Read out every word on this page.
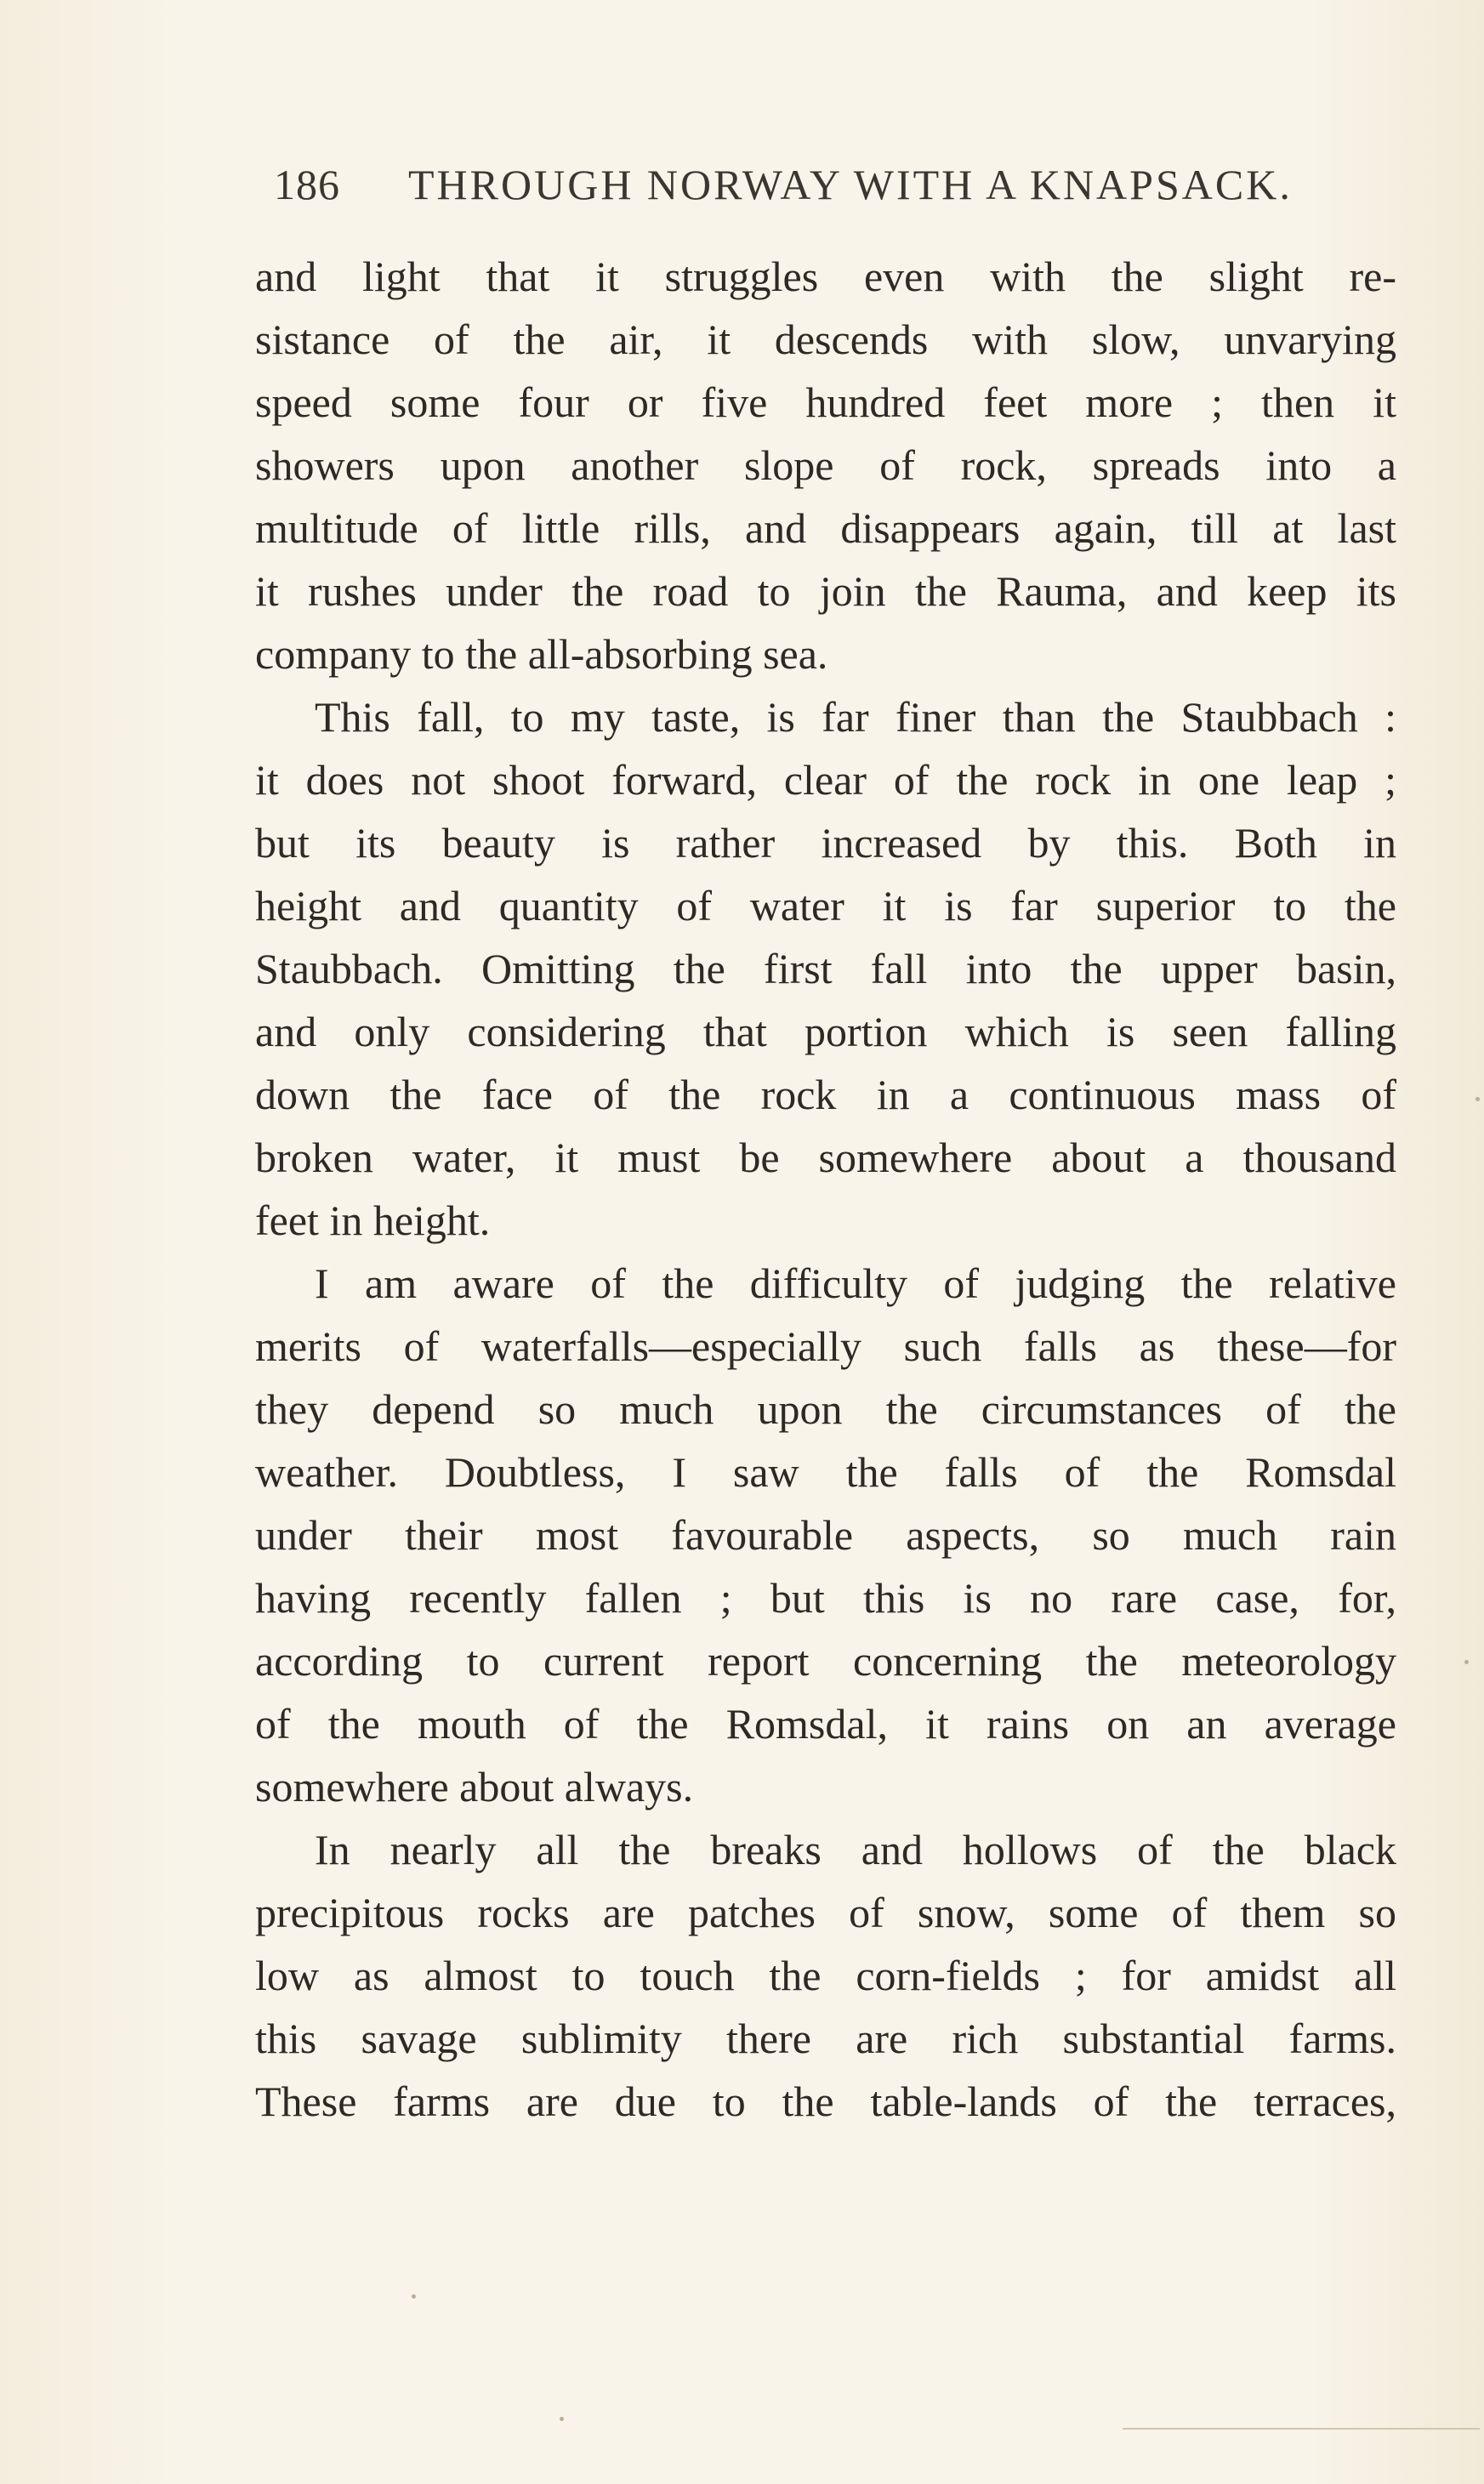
186 THROUGH NORWAY WITH A KNAPSACK.
and light that it struggles even with the slight re-
sistance of the air, it descends with slow, unvarying
speed some four or five hundred feet more ; then it
showers upon another slope of rock, spreads into a
multitude of little rills, and disappears again, till at last
it rushes under the road to join the Rauma, and keep its
company to the all-absorbing sea.
This fall, to my taste, is far finer than the Staubbach :
it does not shoot forward, clear of the rock in one leap ;
but its beauty is rather increased by this. Both in
height and quantity of water it is far superior to the
Staubbach. Omitting the first fall into the upper basin,
and only considering that portion which is seen falling
down the face of the rock in a continuous mass of
broken water, it must be somewhere about a thousand
feet in height.
I am aware of the difficulty of judging the relative
merits of waterfalls—especially such falls as these—for
they depend so much upon the circumstances of the
weather. Doubtless, I saw the falls of the Romsdal
under their most favourable aspects, so much rain
having recently fallen ; but this is no rare case, for,
according to current report concerning the meteorology
of the mouth of the Romsdal, it rains on an average
somewhere about always.
In nearly all the breaks and hollows of the black
precipitous rocks are patches of snow, some of them so
low as almost to touch the corn-fields ; for amidst all
this savage sublimity there are rich substantial farms.
These farms are due to the table-lands of the terraces,
